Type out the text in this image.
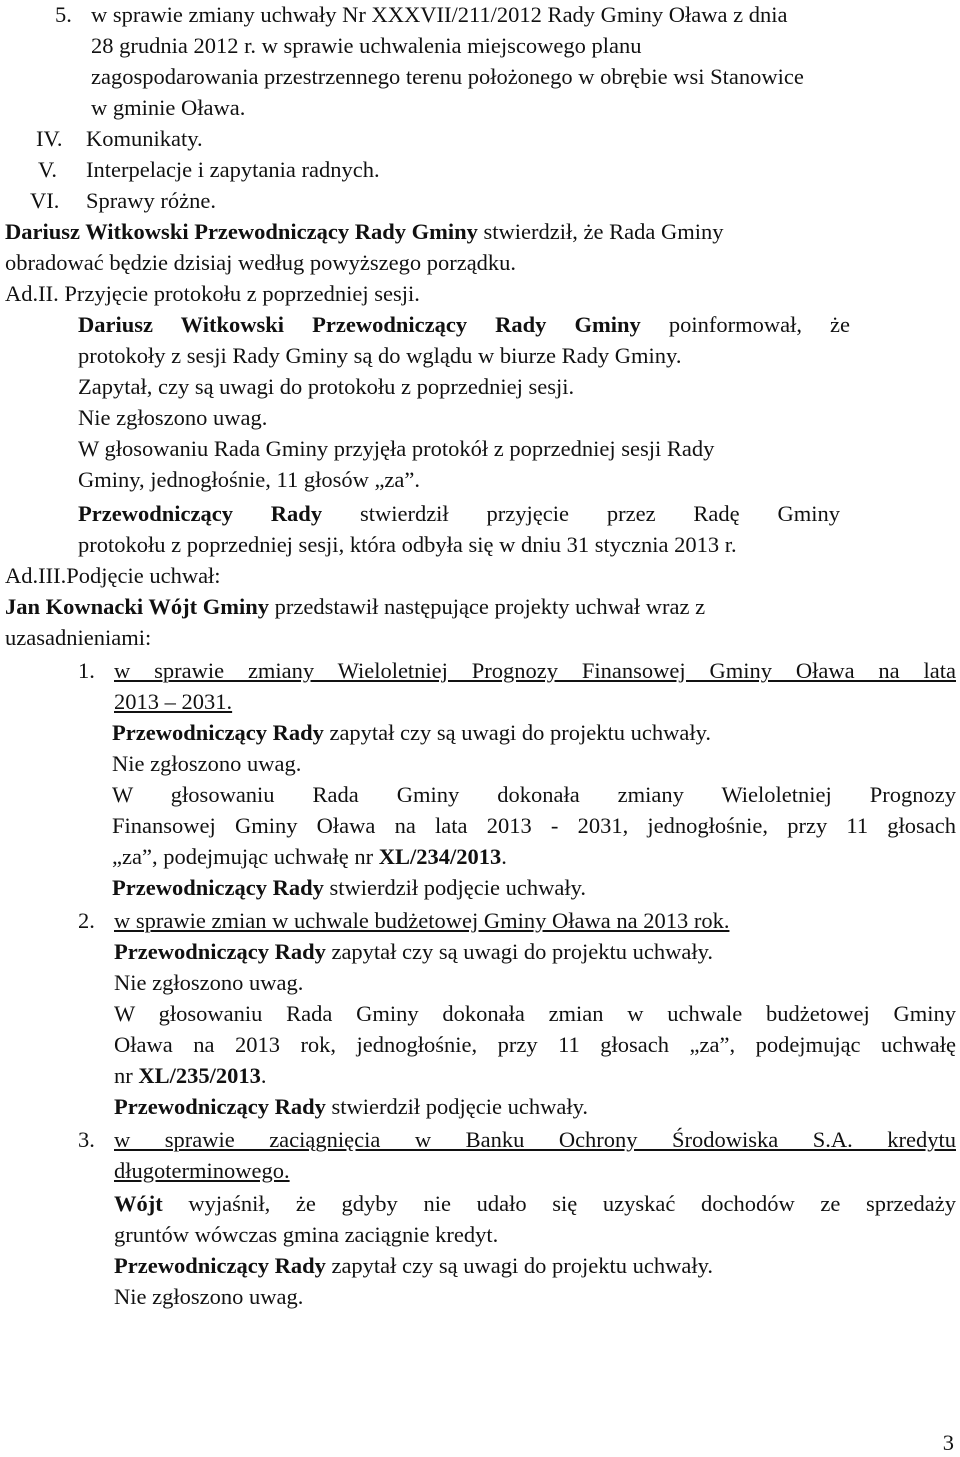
5. w sprawie zmiany uchwały Nr XXXVII/211/2012 Rady Gminy Oława z dnia
28 grudnia 2012 r. w sprawie uchwalenia miejscowego planu
zagospodarowania przestrzennego terenu położonego w obrębie wsi Stanowice
w gminie Oława.
IV. Komunikaty.
V. Interpelacje i zapytania radnych.
VI. Sprawy różne.
Dariusz Witkowski Przewodniczący Rady Gminy stwierdził, że Rada Gminy
obradować będzie dzisiaj według powyższego porządku.
Ad.II. Przyjęcie protokołu z poprzedniej sesji.
Dariusz Witkowski Przewodniczący Rady Gminy poinformował, że
protokoły z sesji Rady Gminy są do wglądu w biurze Rady Gminy.
Zapytał, czy są uwagi do protokołu z poprzedniej sesji.
Nie zgłoszono uwag.
W głosowaniu Rada Gminy przyjęła protokół z poprzedniej sesji Rady
Gminy, jednogłośnie, 11 głosów „za”.
Przewodniczący Rady stwierdził przyjęcie przez Radę Gminy
protokołu z poprzedniej sesji, która odbyła się w dniu 31 stycznia 2013 r.
Ad.III.Podjęcie uchwał:
Jan Kownacki Wójt Gminy przedstawił następujące projekty uchwał wraz z
uzasadnieniami:
1. w sprawie zmiany Wieloletniej Prognozy Finansowej Gminy Oława na lata
2013 – 2031.
Przewodniczący Rady zapytał czy są uwagi do projektu uchwały.
Nie zgłoszono uwag.
W głosowaniu Rada Gminy dokonała zmiany Wieloletniej Prognozy
Finansowej Gminy Oława na lata 2013 - 2031, jednogłośnie, przy 11 głosach
„za”, podejmując uchwałę nr XL/234/2013.
Przewodniczący Rady stwierdził podjęcie uchwały.
2. w sprawie zmian w uchwale budżetowej Gminy Oława na 2013 rok.
Przewodniczący Rady zapytał czy są uwagi do projektu uchwały.
Nie zgłoszono uwag.
W głosowaniu Rada Gminy dokonała zmian w uchwale budżetowej Gminy
Oława na 2013 rok, jednogłośnie, przy 11 głosach „za”, podejmując uchwałę
nr XL/235/2013.
Przewodniczący Rady stwierdził podjęcie uchwały.
3. w sprawie zaciągnięcia w Banku Ochrony Środowiska S.A. kredytu
długoterminowego.
Wójt wyjaśnił, że gdyby nie udało się uzyskać dochodów ze sprzedaży
gruntów wówczas gmina zaciągnie kredyt.
Przewodniczący Rady zapytał czy są uwagi do projektu uchwały.
Nie zgłoszono uwag.
3
